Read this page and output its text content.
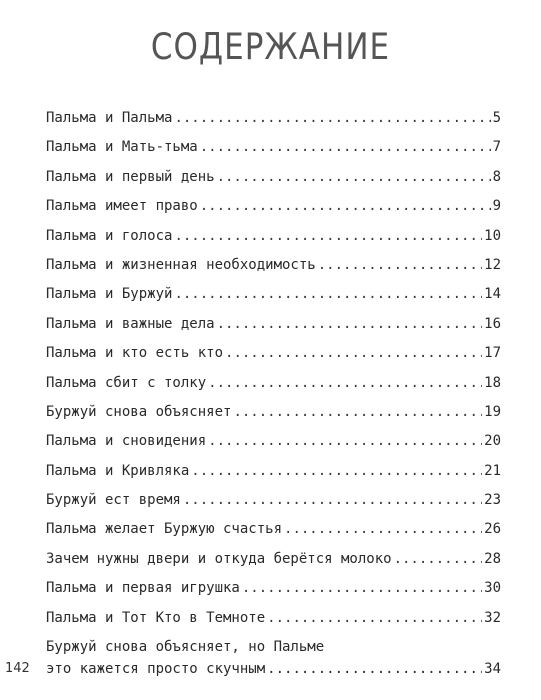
СОДЕРЖАНИЕ
Пальма и Пальма .....	5
Пальма и Мать-тьма .....	7
Пальма и первый день .....	8
Пальма имеет право .....	9
Пальма и голоса .....	10
Пальма и жизненная необходимость .....	12
Пальма и Буржуй .....	14
Пальма и важные дела .....	16
Пальма и кто есть кто .....	17
Пальма сбит с толку .....	18
Буржуй снова объясняет .....	19
Пальма и сновидения .....	20
Пальма и Кривляка .....	21
Буржуй ест время .....	23
Пальма желает Буржую счастья .....	26
Зачем нужны двери и откуда берётся молоко .....	28
Пальма и первая игрушка .....	30
Пальма и Тот Кто в Темноте .....	32
Буржуй снова объясняет, но Пальме
это кажется просто скучным .....	34
142
